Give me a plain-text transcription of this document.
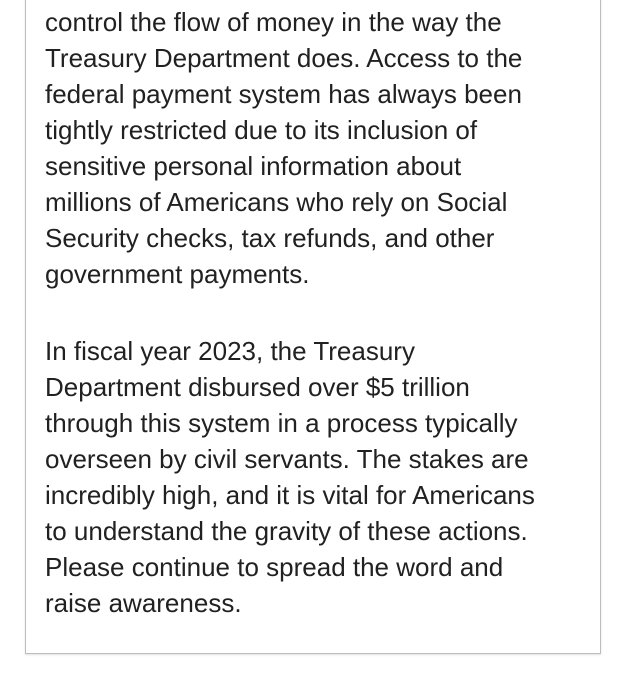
control the flow of money in the way the

Treasury Department does. Access to the

federal payment system has always been

tightly restricted due to its inclusion of

sensitive personal information about

millions of Americans who rely on Social

Security checks, tax refunds, and other

government payments.

In fiscal year 2023, the Treasury

Department disbursed over $5 trillion

through this system in a process typically

overseen by civil servants. The stakes are

incredibly high, and it is vital for Americans

to understand the gravity of these actions.

Please continue to spread the word and

raise awareness.
